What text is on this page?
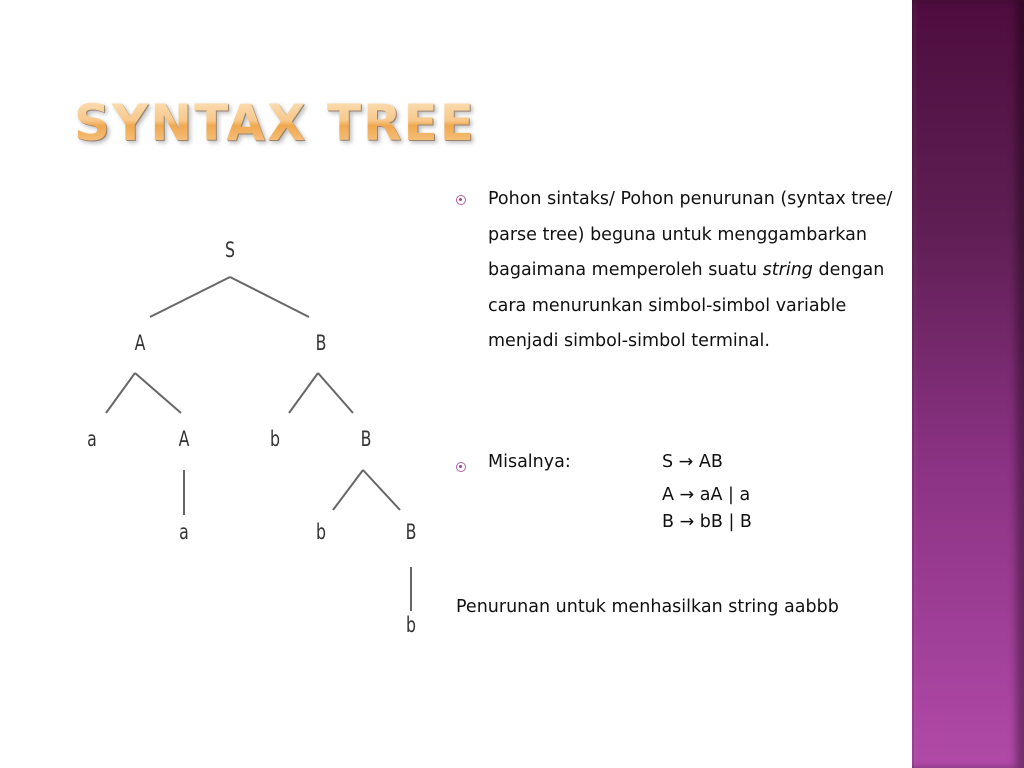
SYNTAX TREE
S
A	B
a	A	b	B
a	b	B
b
Pohon sintaks/ Pohon penurunan (syntax tree/ parse tree) beguna untuk menggambarkan bagaimana memperoleh suatu string dengan cara menurunkan simbol-simbol variable menjadi simbol-simbol terminal.
Misalnya:	S → AB
A → aA | a
B → bB | B
Penurunan untuk menhasilkan string aabbb
